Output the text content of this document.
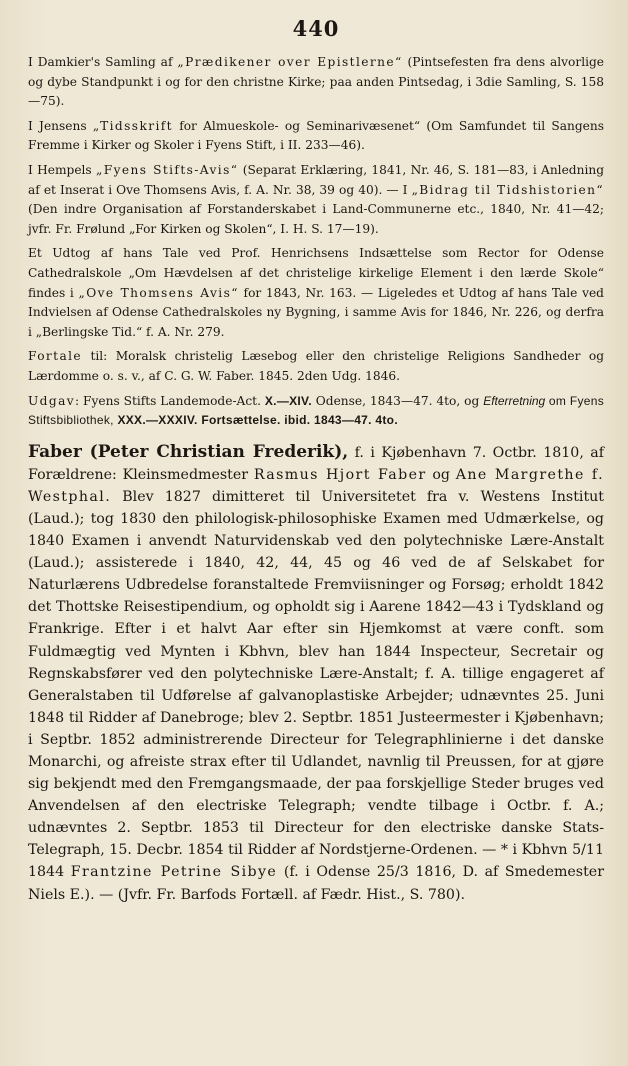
440

I Damkier's Samling af „Prædikener over Epistlerne“ (Pintsefesten fra dens alvorlige og dybe Standpunkt i og for den christne Kirke; paa anden Pintsedag, i 3die Samling, S. 158—75).

I Jensens „Tidsskrift for Almueskole- og Seminarivæsenet“ (Om Samfundet til Sangens Fremme i Kirker og Skoler i Fyens Stift, i II. 233—46).

I Hempels „Fyens Stifts-Avis“ (Separat Erklæring, 1841, Nr. 46, S. 181—83, i Anledning af et Inserat i Ove Thomsens Avis, f. A. Nr. 38, 39 og 40). — I „Bidrag til Tidshistorien“ (Den indre Organisation af Forstanderskabet i Land-Communerne etc., 1840, Nr. 41—42; jvfr. Fr. Frølund „For Kirken og Skolen“, I. H. S. 17—19).

Et Udtog af hans Tale ved Prof. Henrichsens Indsættelse som Rector for Odense Cathedralskole „Om Hævdelsen af det christelige kirkelige Element i den lærde Skole“ findes i „Ove Thomsens Avis“ for 1843, Nr. 163. — Ligeledes et Udtog af hans Tale ved Indvielsen af Odense Cathedralskoles ny Bygning, i samme Avis for 1846, Nr. 226, og derfra i „Berlingske Tid.“ f. A. Nr. 279.

Fortale til: Moralsk christelig Læsebog eller den christelige Religions Sandheder og Lærdomme o. s. v., af C. G. W. Faber. 1845. 2den Udg. 1846.

Udgav: Fyens Stifts Landemode-Act. X.—XIV. Odense, 1843—47. 4to, og Efterretning om Fyens Stiftsbibliothek, XXX.—XXXIV. Fortsættelse. ibid. 1843—47. 4to.

Faber (Peter Christian Frederik), f. i Kjøbenhavn 7. Octbr. 1810, af Forældrene: Kleinsmedmester Rasmus Hjort Faber og Ane Margrethe f. Westphal. Blev 1827 dimitteret til Universitetet fra v. Westens Institut (Laud.); tog 1830 den philologisk-philosophiske Examen med Udmærkelse, og 1840 Examen i anvendt Naturvidenskab ved den polytechniske Lære-Anstalt (Laud.); assisterede i 1840, 42, 44, 45 og 46 ved de af Selskabet for Naturlærens Udbredelse foranstaltede Fremviisninger og Forsøg; erholdt 1842 det Thottske Reisestipendium, og opholdt sig i Aarene 1842—43 i Tydskland og Frankrige. Efter i et halvt Aar efter sin Hjemkomst at være conft. som Fuldmægtig ved Mynten i Kbhvn, blev han 1844 Inspecteur, Secretair og Regnskabsfører ved den polytechniske Lære-Anstalt; f. A. tillige engageret af Generalstaben til Udførelse af galvanoplastiske Arbejder; udnævntes 25. Juni 1848 til Ridder af Danebroge; blev 2. Septbr. 1851 Justeermester i Kjøbenhavn; i Septbr. 1852 administrerende Directeur for Telegraphlinierne i det danske Monarchi, og afreiste strax efter til Udlandet, navnlig til Preussen, for at gjøre sig bekjendt med den Fremgangsmaade, der paa forskjellige Steder bruges ved Anvendelsen af den electriske Telegraph; vendte tilbage i Octbr. f. A.; udnævntes 2. Septbr. 1853 til Directeur for den electriske danske Stats-Telegraph, 15. Decbr. 1854 til Ridder af Nordstjerne-Ordenen. — * i Kbhvn 5/11 1844 Frantzine Petrine Sibye (f. i Odense 25/3 1816, D. af Smedemester Niels E.). — (Jvfr. Fr. Barfods Fortæll. af Fædr. Hist., S. 780).
